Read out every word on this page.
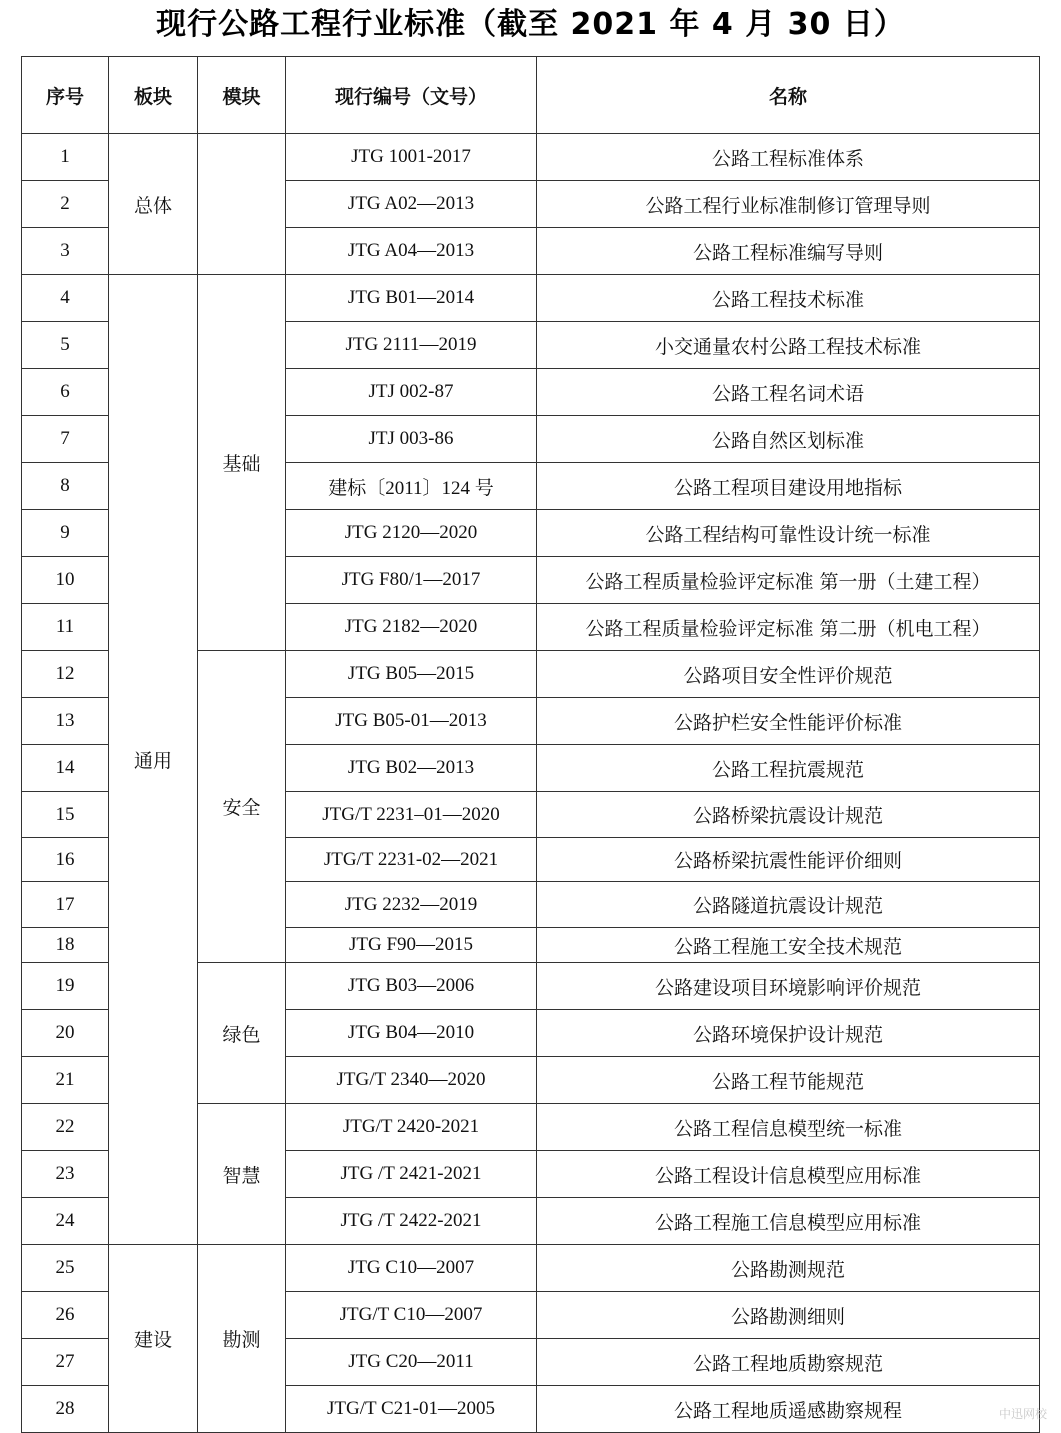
现行公路工程行业标准（截至 2021 年 4 月 30 日）
序号	板块	模块	现行编号（文号）	名称
1	总体		JTG 1001-2017	公路工程标准体系
2			JTG A02—2013	公路工程行业标准制修订管理导则
3			JTG A04—2013	公路工程标准编写导则
4	通用	基础	JTG B01—2014	公路工程技术标准
5			JTG 2111—2019	小交通量农村公路工程技术标准
6			JTJ 002-87	公路工程名词术语
7			JTJ 003-86	公路自然区划标准
8			建标〔2011〕124 号	公路工程项目建设用地指标
9			JTG 2120—2020	公路工程结构可靠性设计统一标准
10			JTG F80/1—2017	公路工程质量检验评定标准 第一册（土建工程）
11			JTG 2182—2020	公路工程质量检验评定标准 第二册（机电工程）
12		安全	JTG B05—2015	公路项目安全性评价规范
13			JTG B05-01—2013	公路护栏安全性能评价标准
14			JTG B02—2013	公路工程抗震规范
15			JTG/T 2231–01—2020	公路桥梁抗震设计规范
16			JTG/T 2231-02—2021	公路桥梁抗震性能评价细则
17			JTG 2232—2019	公路隧道抗震设计规范
18			JTG F90—2015	公路工程施工安全技术规范
19		绿色	JTG B03—2006	公路建设项目环境影响评价规范
20			JTG B04—2010	公路环境保护设计规范
21			JTG/T 2340—2020	公路工程节能规范
22		智慧	JTG/T 2420-2021	公路工程信息模型统一标准
23			JTG /T 2421-2021	公路工程设计信息模型应用标准
24			JTG /T 2422-2021	公路工程施工信息模型应用标准
25	建设	勘测	JTG C10—2007	公路勘测规范
26			JTG/T C10—2007	公路勘测细则
27			JTG C20—2011	公路工程地质勘察规范
28			JTG/T C21-01—2005	公路工程地质遥感勘察规程	中迅网校
